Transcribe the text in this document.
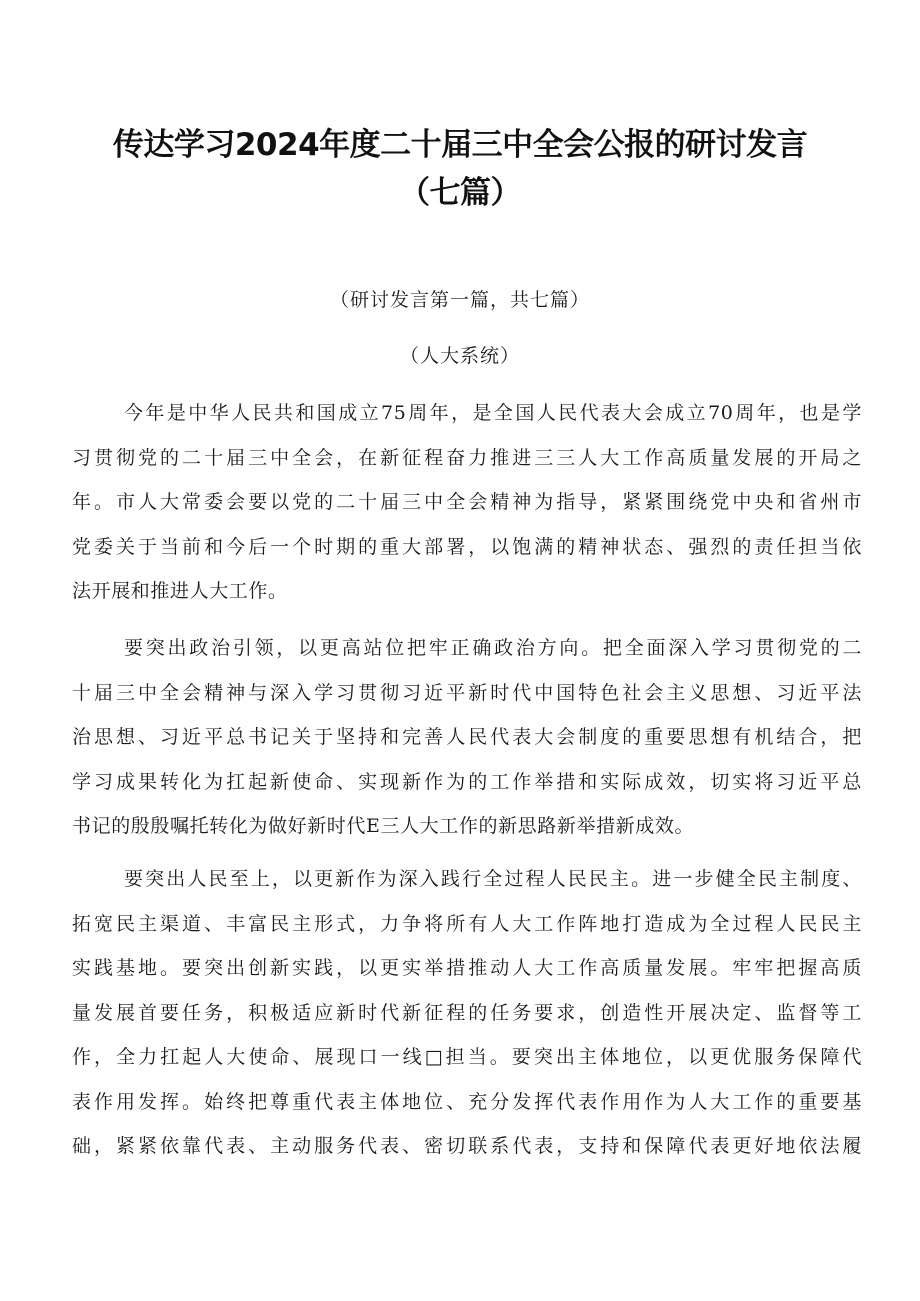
传达学习2024年度二十届三中全会公报的研讨发言
（七篇）
（研讨发言第一篇，共七篇）
（人大系统）
今年是中华人民共和国成立75周年，是全国人民代表大会成立70周年，也是学
习贯彻党的二十届三中全会，在新征程奋力推进三三人大工作高质量发展的开局之
年。市人大常委会要以党的二十届三中全会精神为指导，紧紧围绕党中央和省州市
党委关于当前和今后一个时期的重大部署，以饱满的精神状态、强烈的责任担当依
法开展和推进人大工作。
要突出政治引领，以更高站位把牢正确政治方向。把全面深入学习贯彻党的二
十届三中全会精神与深入学习贯彻习近平新时代中国特色社会主义思想、习近平法
治思想、习近平总书记关于坚持和完善人民代表大会制度的重要思想有机结合，把
学习成果转化为扛起新使命、实现新作为的工作举措和实际成效，切实将习近平总
书记的殷殷嘱托转化为做好新时代E三人大工作的新思路新举措新成效。
要突出人民至上，以更新作为深入践行全过程人民民主。进一步健全民主制度、
拓宽民主渠道、丰富民主形式，力争将所有人大工作阵地打造成为全过程人民民主
实践基地。要突出创新实践，以更实举措推动人大工作高质量发展。牢牢把握高质
量发展首要任务，积极适应新时代新征程的任务要求，创造性开展决定、监督等工
作，全力扛起人大使命、展现口一线□担当。要突出主体地位，以更优服务保障代
表作用发挥。始终把尊重代表主体地位、充分发挥代表作用作为人大工作的重要基
础，紧紧依靠代表、主动服务代表、密切联系代表，支持和保障代表更好地依法履
